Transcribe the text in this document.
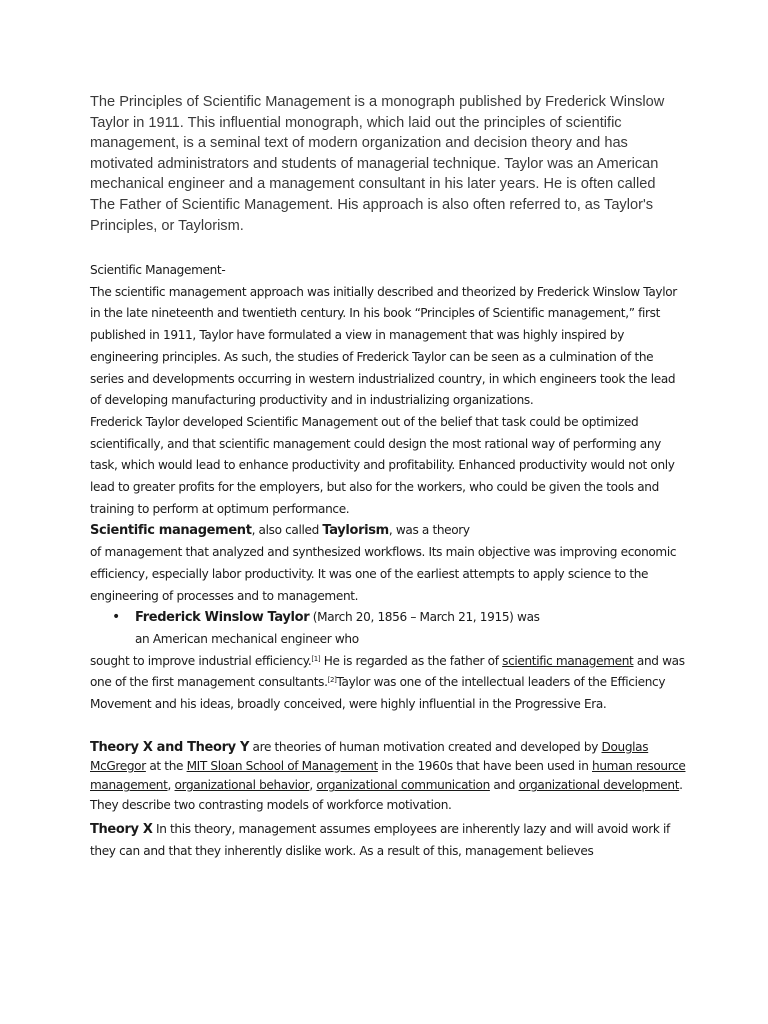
The Principles of Scientific Management is a monograph published by Frederick Winslow Taylor in 1911. This influential monograph, which laid out the principles of scientific management, is a seminal text of modern organization and decision theory and has motivated administrators and students of managerial technique. Taylor was an American mechanical engineer and a management consultant in his later years. He is often called The Father of Scientific Management. His approach is also often referred to, as Taylor's Principles, or Taylorism.

Scientific Management-

The scientific management approach was initially described and theorized by Frederick Winslow Taylor in the late nineteenth and twentieth century. In his book “Principles of Scientific management,” first published in 1911, Taylor have formulated a view in management that was highly inspired by engineering principles. As such, the studies of Frederick Taylor can be seen as a culmination of the series and developments occurring in western industrialized country, in which engineers took the lead of developing manufacturing productivity and in industrializing organizations.

Frederick Taylor developed Scientific Management out of the belief that task could be optimized scientifically, and that scientific management could design the most rational way of performing any task, which would lead to enhance productivity and profitability. Enhanced productivity would not only lead to greater profits for the employers, but also for the workers, who could be given the tools and training to perform at optimum performance.

Scientific management, also called Taylorism, was a theory
of management that analyzed and synthesized workflows. Its main objective was improving economic efficiency, especially labor productivity. It was one of the earliest attempts to apply science to the engineering of processes and to management.

• Frederick Winslow Taylor (March 20, 1856 – March 21, 1915) was

an American mechanical engineer who

sought to improve industrial efficiency.[1] He is regarded as the father of scientific management and was one of the first management consultants.[2]Taylor was one of the intellectual leaders of the Efficiency Movement and his ideas, broadly conceived, were highly influential in the Progressive Era.

Theory X and Theory Y are theories of human motivation created and developed by Douglas McGregor at the MIT Sloan School of Management in the 1960s that have been used in human resource management, organizational behavior, organizational communication and organizational development. They describe two contrasting models of workforce motivation.

Theory X In this theory, management assumes employees are inherently lazy and will avoid work if they can and that they inherently dislike work. As a result of this, management believes
